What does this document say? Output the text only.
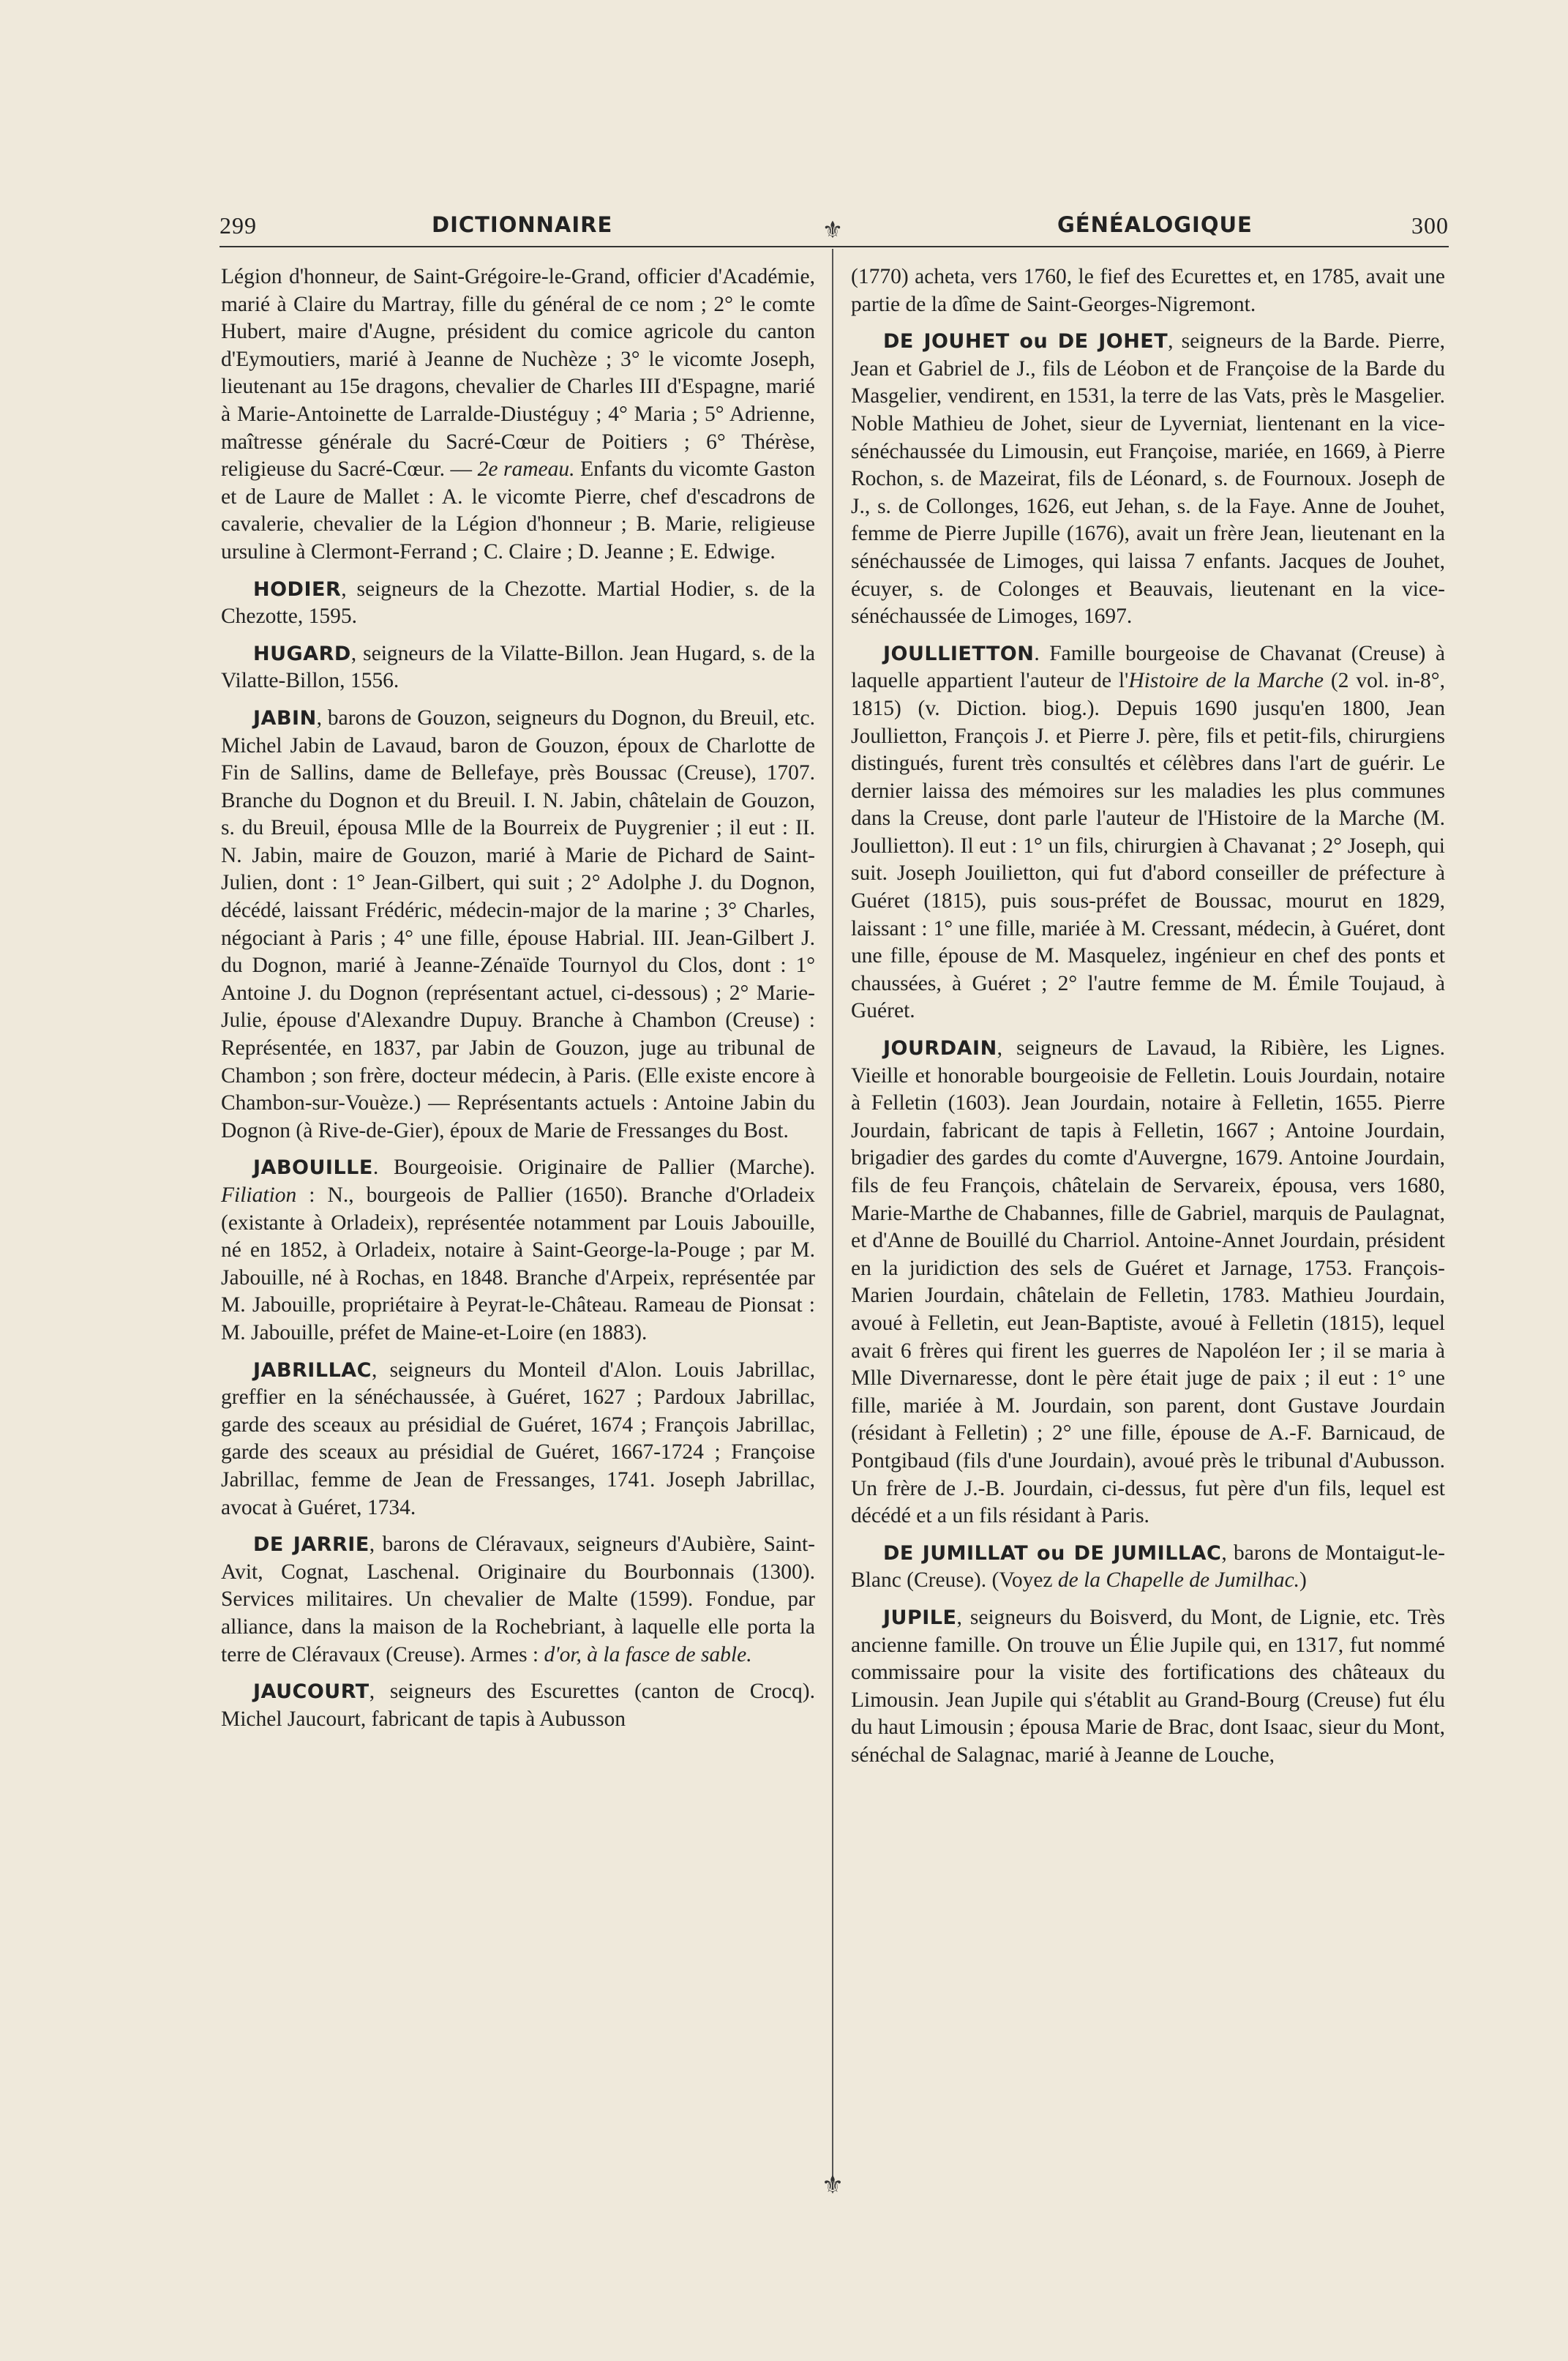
299	DICTIONNAIRE	GÉNÉALOGIQUE	300
⚜
⚜

Légion d'honneur, de Saint-Grégoire-le-Grand, officier d'Académie, marié à Claire du Martray, fille du général de ce nom ; 2° le comte Hubert, maire d'Augne, président du comice agricole du canton d'Eymoutiers, marié à Jeanne de Nuchèze ; 3° le vicomte Joseph, lieutenant au 15e dragons, chevalier de Charles III d'Espagne, marié à Marie-Antoinette de Larralde-Diustéguy ; 4° Maria ; 5° Adrienne, maîtresse générale du Sacré-Cœur de Poitiers ; 6° Thérèse, religieuse du Sacré-Cœur. — 2e rameau. Enfants du vicomte Gaston et de Laure de Mallet : A. le vicomte Pierre, chef d'escadrons de cavalerie, chevalier de la Légion d'honneur ; B. Marie, religieuse ursuline à Clermont-Ferrand ; C. Claire ; D. Jeanne ; E. Edwige.

HODIER, seigneurs de la Chezotte. Martial Hodier, s. de la Chezotte, 1595.

HUGARD, seigneurs de la Vilatte-Billon. Jean Hugard, s. de la Vilatte-Billon, 1556.

JABIN, barons de Gouzon, seigneurs du Dognon, du Breuil, etc. Michel Jabin de Lavaud, baron de Gouzon, époux de Charlotte de Fin de Sallins, dame de Bellefaye, près Boussac (Creuse), 1707. Branche du Dognon et du Breuil. I. N. Jabin, châtelain de Gouzon, s. du Breuil, épousa Mlle de la Bourreix de Puygrenier ; il eut : II. N. Jabin, maire de Gouzon, marié à Marie de Pichard de Saint-Julien, dont : 1° Jean-Gilbert, qui suit ; 2° Adolphe J. du Dognon, décédé, laissant Frédéric, médecin-major de la marine ; 3° Charles, négociant à Paris ; 4° une fille, épouse Habrial. III. Jean-Gilbert J. du Dognon, marié à Jeanne-Zénaïde Tournyol du Clos, dont : 1° Antoine J. du Dognon (représentant actuel, ci-dessous) ; 2° Marie-Julie, épouse d'Alexandre Dupuy. Branche à Chambon (Creuse) : Représentée, en 1837, par Jabin de Gouzon, juge au tribunal de Chambon ; son frère, docteur médecin, à Paris. (Elle existe encore à Chambon-sur-Vouèze.) — Représentants actuels : Antoine Jabin du Dognon (à Rive-de-Gier), époux de Marie de Fressanges du Bost.

JABOUILLE. Bourgeoisie. Originaire de Pallier (Marche). Filiation : N., bourgeois de Pallier (1650). Branche d'Orladeix (existante à Orladeix), représentée notamment par Louis Jabouille, né en 1852, à Orladeix, notaire à Saint-George-la-Pouge ; par M. Jabouille, né à Rochas, en 1848. Branche d'Arpeix, représentée par M. Jabouille, propriétaire à Peyrat-le-Château. Rameau de Pionsat : M. Jabouille, préfet de Maine-et-Loire (en 1883).

JABRILLAC, seigneurs du Monteil d'Alon. Louis Jabrillac, greffier en la sénéchaussée, à Guéret, 1627 ; Pardoux Jabrillac, garde des sceaux au présidial de Guéret, 1674 ; François Jabrillac, garde des sceaux au présidial de Guéret, 1667-1724 ; Françoise Jabrillac, femme de Jean de Fressanges, 1741. Joseph Jabrillac, avocat à Guéret, 1734.

DE JARRIE, barons de Cléravaux, seigneurs d'Aubière, Saint-Avit, Cognat, Laschenal. Originaire du Bourbonnais (1300). Services militaires. Un chevalier de Malte (1599). Fondue, par alliance, dans la maison de la Rochebriant, à laquelle elle porta la terre de Cléravaux (Creuse). Armes : d'or, à la fasce de sable.

JAUCOURT, seigneurs des Escurettes (canton de Crocq). Michel Jaucourt, fabricant de tapis à Aubusson

(1770) acheta, vers 1760, le fief des Ecurettes et, en 1785, avait une partie de la dîme de Saint-Georges-Nigremont.

DE JOUHET ou DE JOHET, seigneurs de la Barde. Pierre, Jean et Gabriel de J., fils de Léobon et de Françoise de la Barde du Masgelier, vendirent, en 1531, la terre de las Vats, près le Masgelier. Noble Mathieu de Johet, sieur de Lyverniat, lientenant en la vice-sénéchaussée du Limousin, eut Françoise, mariée, en 1669, à Pierre Rochon, s. de Mazeirat, fils de Léonard, s. de Fournoux. Joseph de J., s. de Collonges, 1626, eut Jehan, s. de la Faye. Anne de Jouhet, femme de Pierre Jupille (1676), avait un frère Jean, lieutenant en la sénéchaussée de Limoges, qui laissa 7 enfants. Jacques de Jouhet, écuyer, s. de Colonges et Beauvais, lieutenant en la vice-sénéchaussée de Limoges, 1697.

JOULLIETTON. Famille bourgeoise de Chavanat (Creuse) à laquelle appartient l'auteur de l'Histoire de la Marche (2 vol. in-8°, 1815) (v. Diction. biog.). Depuis 1690 jusqu'en 1800, Jean Joullietton, François J. et Pierre J. père, fils et petit-fils, chirurgiens distingués, furent très consultés et célèbres dans l'art de guérir. Le dernier laissa des mémoires sur les maladies les plus communes dans la Creuse, dont parle l'auteur de l'Histoire de la Marche (M. Joullietton). Il eut : 1° un fils, chirurgien à Chavanat ; 2° Joseph, qui suit. Joseph Jouilietton, qui fut d'abord conseiller de préfecture à Guéret (1815), puis sous-préfet de Boussac, mourut en 1829, laissant : 1° une fille, mariée à M. Cressant, médecin, à Guéret, dont une fille, épouse de M. Masquelez, ingénieur en chef des ponts et chaussées, à Guéret ; 2° l'autre femme de M. Émile Toujaud, à Guéret.

JOURDAIN, seigneurs de Lavaud, la Ribière, les Lignes. Vieille et honorable bourgeoisie de Felletin. Louis Jourdain, notaire à Felletin (1603). Jean Jourdain, notaire à Felletin, 1655. Pierre Jourdain, fabricant de tapis à Felletin, 1667 ; Antoine Jourdain, brigadier des gardes du comte d'Auvergne, 1679. Antoine Jourdain, fils de feu François, châtelain de Servareix, épousa, vers 1680, Marie-Marthe de Chabannes, fille de Gabriel, marquis de Paulagnat, et d'Anne de Bouillé du Charriol. Antoine-Annet Jourdain, président en la juridiction des sels de Guéret et Jarnage, 1753. François-Marien Jourdain, châtelain de Felletin, 1783. Mathieu Jourdain, avoué à Felletin, eut Jean-Baptiste, avoué à Felletin (1815), lequel avait 6 frères qui firent les guerres de Napoléon Ier ; il se maria à Mlle Divernaresse, dont le père était juge de paix ; il eut : 1° une fille, mariée à M. Jourdain, son parent, dont Gustave Jourdain (résidant à Felletin) ; 2° une fille, épouse de A.-F. Barnicaud, de Pontgibaud (fils d'une Jourdain), avoué près le tribunal d'Aubusson. Un frère de J.-B. Jourdain, ci-dessus, fut père d'un fils, lequel est décédé et a un fils résidant à Paris.

DE JUMILLAT ou DE JUMILLAC, barons de Montaigut-le-Blanc (Creuse). (Voyez de la Chapelle de Jumilhac.)

JUPILE, seigneurs du Boisverd, du Mont, de Lignie, etc. Très ancienne famille. On trouve un Élie Jupile qui, en 1317, fut nommé commissaire pour la visite des fortifications des châteaux du Limousin. Jean Jupile qui s'établit au Grand-Bourg (Creuse) fut élu du haut Limousin ; épousa Marie de Brac, dont Isaac, sieur du Mont, sénéchal de Salagnac, marié à Jeanne de Louche,
